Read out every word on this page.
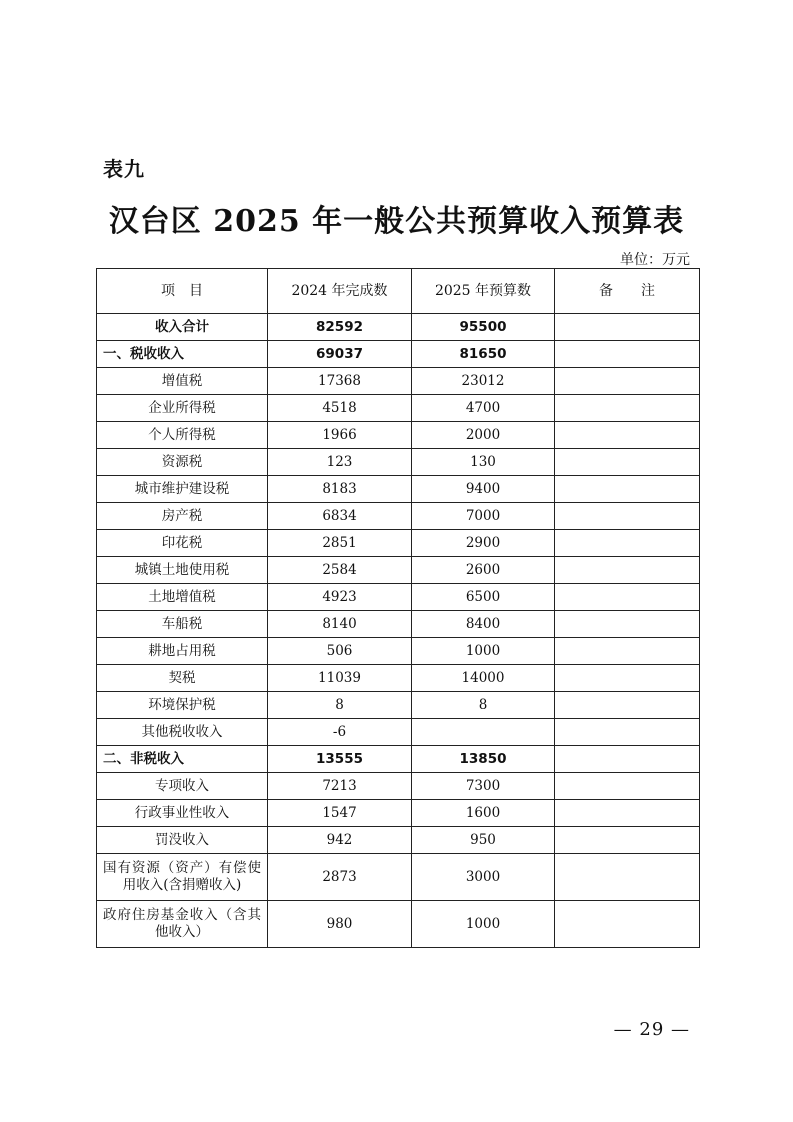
表九
汉台区 2025 年一般公共预算收入预算表
单位：万元
项　目	2024 年完成数	2025 年预算数	备　　注
收入合计	82592	95500	
一、税收收入	69037	81650	
增值税	17368	23012	
企业所得税	4518	4700	
个人所得税	1966	2000	
资源税	123	130	
城市维护建设税	8183	9400	
房产税	6834	7000	
印花税	2851	2900	
城镇土地使用税	2584	2600	
土地增值税	4923	6500	
车船税	8140	8400	
耕地占用税	506	1000	
契税	11039	14000	
环境保护税	8	8	
其他税收收入	-6		
二、非税收入	13555	13850	
专项收入	7213	7300	
行政事业性收入	1547	1600	
罚没收入	942	950	
国有资源（资产）有偿使用收入(含捐赠收入)	2873	3000	
政府住房基金收入（含其他收入）	980	1000	
— 29 —
